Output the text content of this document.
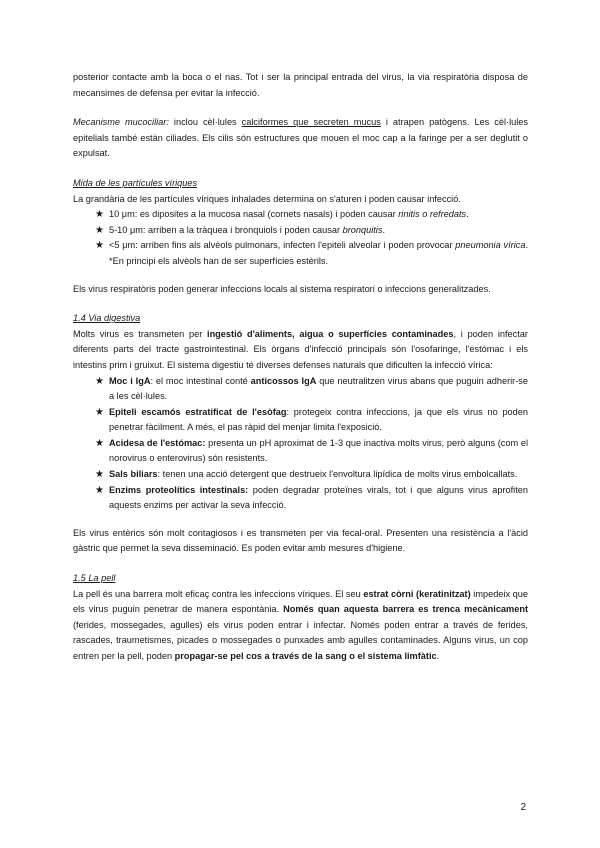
posterior contacte amb la boca o el nas. Tot i ser la principal entrada del virus, la via respiratòria disposa de mecansimes de defensa per evitar la infecció.

Mecanisme mucociliar: inclou cèl·lules calciformes que secreten mucus i atrapen patògens. Les cèl·lules epitelials també estàn ciliades. Els cilis són estructures que mouen el moc cap a la faringe per a ser deglutit o expulsat.

Mida de les partícules víriques

La grandària de les partícules víriques inhalades determina on s'aturen i poden causar infecció.

★ 10 μm: es diposites a la mucosa nasal (cornets nasals) i poden causar rinitis o refredats.
★ 5-10 μm: arriben a la tràquea i bronquiols i poden causar bronquitis.
★ <5 μm: arriben fins als alvèols pulmonars, infecten l'epiteli alveolar i poden provocar pneumonia vírica. *En principi els alvèols han de ser superfícies estèrils.

Els virus respiratòris poden generar infeccions locals al sistema respiratori o infeccions generalitzades.

1.4 Via digestiva

Molts virus es transmeten per ingestió d'aliments, aigua o superfícies contaminades, i poden infectar diferents parts del tracte gastrointestinal. Els òrgans d'infecció principals són l'osofaringe, l'estómac i els intestins prim i gruixut. El sistema digestiu té diverses defenses naturals que dificulten la infecció vírica:

★ Moc i IgA: el moc intestinal conté anticossos IgA que neutralitzen virus abans que puguin adherir-se a les cèl·lules.
★ Epiteli escamós estratificat de l'esòfag: protegeix contra infeccions, ja que els virus no poden penetrar fàcilment. A més, el pas ràpid del menjar limita l'exposició.
★ Acidesa de l'estómac: presenta un pH aproximat de 1-3 que inactiva molts virus, però alguns (com el norovirus o enterovirus) són resistents.
★ Sals biliars: tenen una acció detergent que destrueix l'envoltura lipídica de molts virus embolcallats.
★ Enzims proteolítics intestinals: poden degradar proteïnes virals, tot i que alguns virus aprofiten aquests enzims per activar la seva infecció.

Els virus entèrics són molt contagiosos i es transmeten per via fecal-oral. Presenten una resistència a l'àcid gàstric que permet la seva disseminació. Es poden evitar amb mesures d'higiene.

1.5 La pell

La pell és una barrera molt eficaç contra les infeccions víriques. El seu estrat còrni (keratinitzat) impedeix que els virus puguin penetrar de manera espontània. Només quan aquesta barrera es trenca mecànicament (ferides, mossegades, agulles) els virus poden entrar i infectar. Només poden entrar a través de ferides, rascades, traumetismes, picades o mossegades o punxades amb agulles contaminades. Alguns virus, un cop entren per la pell, poden propagar-se pel cos a través de la sang o el sistema limfàtic.

2
